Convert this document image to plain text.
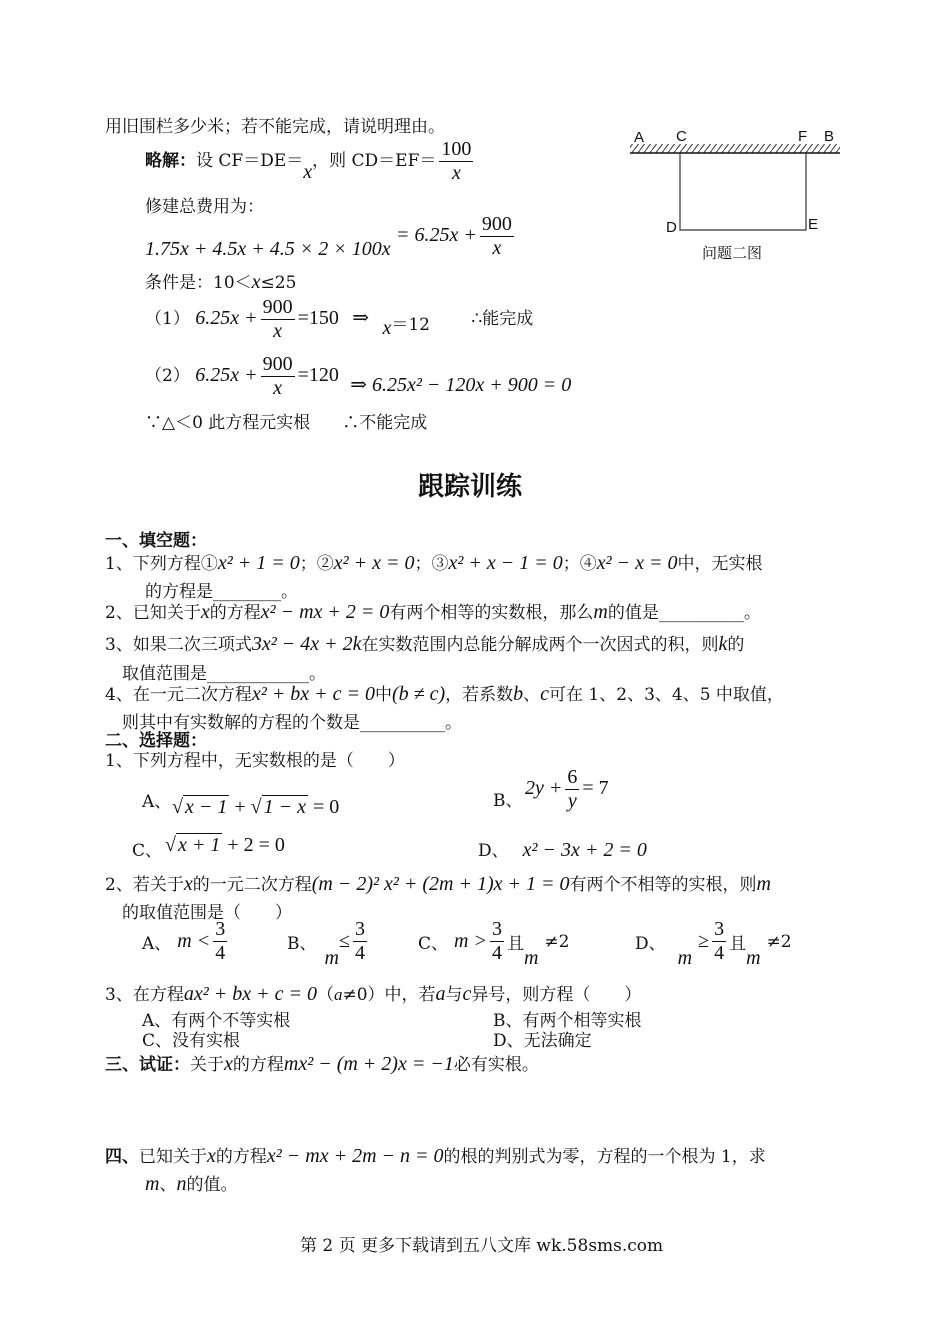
用旧围栏多少米；若不能完成，请说明理由。
略解：设 CF＝DE＝x，则 $CD=EF= \frac{100}{x}$
修建总费用为：
$1.75x + 4.5x + 4.5 \times 2 \times 100x = 6.25x + \frac{900}{x}$
条件是：10＜x≤25
（1） $6.25x + \frac{900}{x} =150$ ⇒ x＝12 ∴能完成
（2） $6.25x + \frac{900}{x} =120$ ⇒ 6.25x² − 120x + 900 = 0
∵△＜0 此方程元实根 ∴不能完成
A C	F B
D	E
问题二图
跟踪训练
一、填空题：
1、下列方程①x² + 1 = 0；②x² + x = 0；③x² + x − 1 = 0；④x² − x = 0中，无实根
的方程是________。
2、已知关于x的方程x² − mx + 2 = 0有两个相等的实数根，那么m的值是__________。
3、如果二次三项式3x² − 4x + 2k在实数范围内总能分解成两个一次因式的积，则k的
取值范围是____________。
4、在一元二次方程x² + bx + c = 0中(b ≠ c)，若系数b、c可在 1、2、3、4、5 中取值，
则其中有实数解的方程的个数是__________。
二、选择题：
1、下列方程中，无实数根的是（　　）
A、 √ x − 1 + √ 1 − x = 0	B、
$2y + \frac{6}{y} = 7$
C、 √ x + 1 + 2 = 0	D、 x² − 3x + 2 = 0
2、若关于x的一元二次方程(m − 2)² x² + (2m + 1)x + 1 = 0有两个不相等的实根，则m
的取值范围是（　　）
A、 $m < \frac{3}{4}$	B、$m\le \frac{3}{4}$	C、 $m > \frac{3}{4}$ 且m≠2	D、$m\ge \frac{3}{4}$ 且m≠2
3、在方程ax² + bx + c = 0（a≠0）中，若a与c异号，则方程（　　）
A、有两个不等实根	B、有两个相等实根
C、没有实根	D、无法确定
三、试证：关于x的方程mx² − (m + 2)x = −1必有实根。
四、已知关于x的方程x² − mx + 2m − n = 0的根的判别式为零，方程的一个根为 1，求
m、n的值。
第 2 页 更多下载请到五八文库 wk.58sms.com
